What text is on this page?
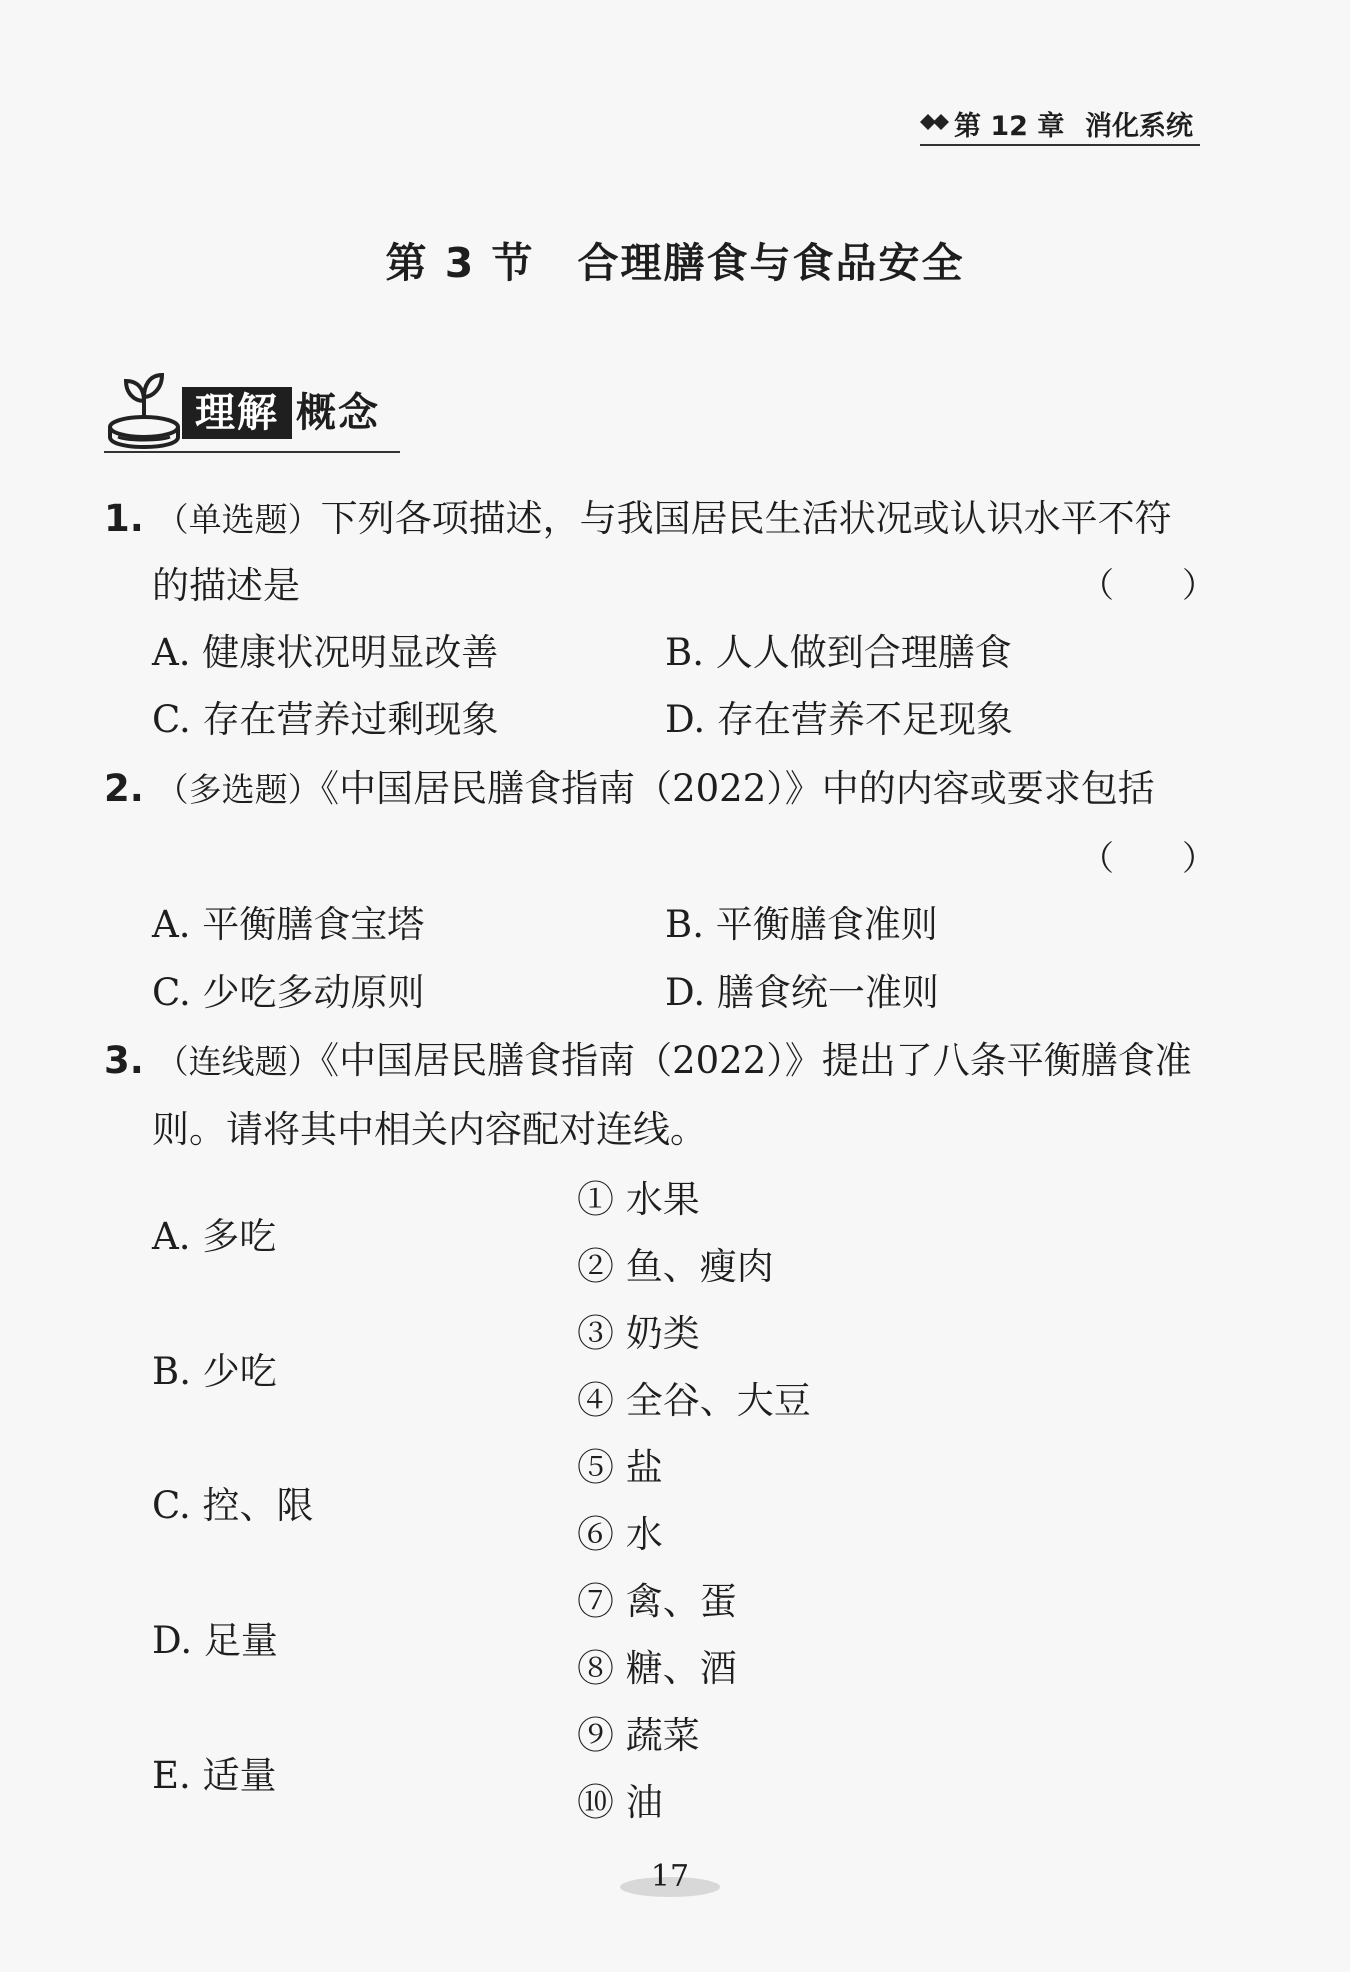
第 12 章 消化系统
第 3 节　合理膳食与食品安全
理解 概念
1. （单选题）下列各项描述，与我国居民生活状况或认识水平不符
的描述是	（　　）
A. 健康状况明显改善	B. 人人做到合理膳食
C. 存在营养过剩现象	D. 存在营养不足现象
2. （多选题）《中国居民膳食指南（2022）》中的内容或要求包括
（　　）
A. 平衡膳食宝塔	B. 平衡膳食准则
C. 少吃多动原则	D. 膳食统一准则
3. （连线题）《中国居民膳食指南（2022）》提出了八条平衡膳食准
则。请将其中相关内容配对连线。
A. 多吃
B. 少吃
C. 控、限
D. 足量
E. 适量
① 水果
② 鱼、瘦肉
③ 奶类
④ 全谷、大豆
⑤ 盐
⑥ 水
⑦ 禽、蛋
⑧ 糖、酒
⑨ 蔬菜
⑩ 油
17
